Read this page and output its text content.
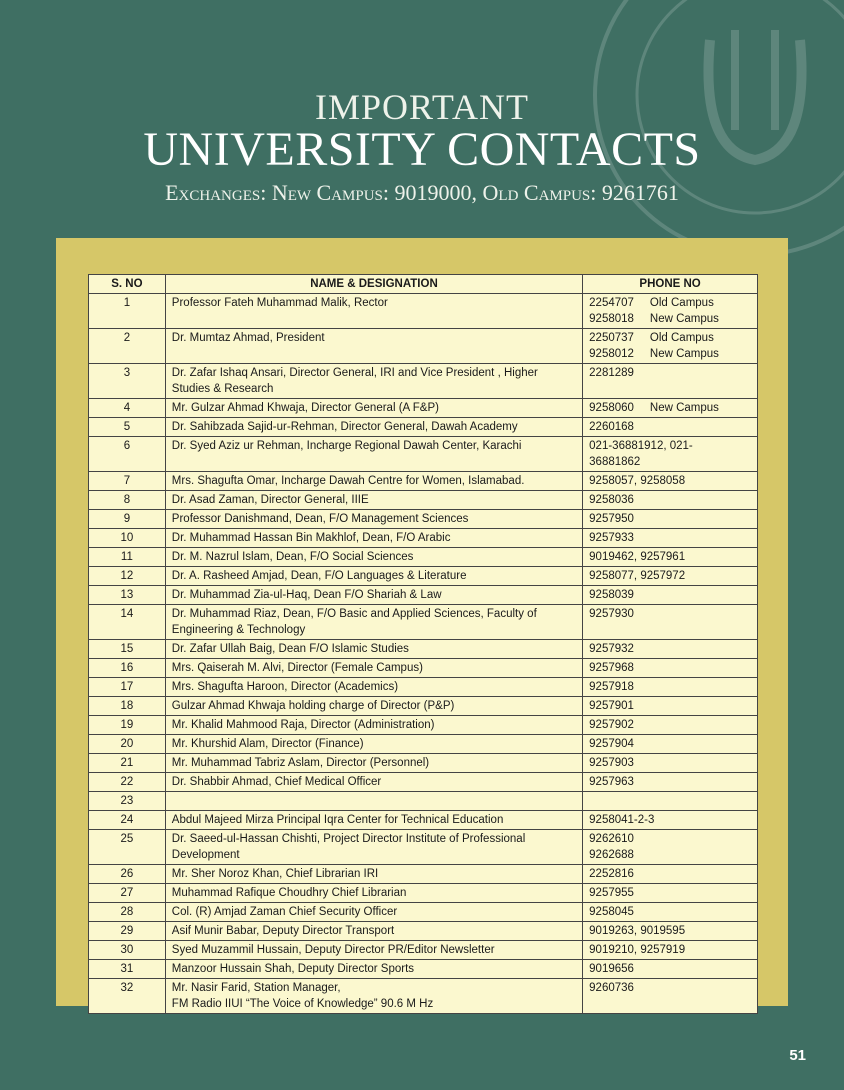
IMPORTANT
UNIVERSITY CONTACTS
Exchanges: New Campus: 9019000, Old Campus: 9261761
S. NO	NAME & DESIGNATION	PHONE NO
1	Professor Fateh Muhammad Malik, Rector	2254707     Old Campus
9258018     New Campus

2	Dr. Mumtaz Ahmad, President	2250737     Old Campus
9258012     New Campus

3	Dr. Zafar Ishaq Ansari, Director General, IRI and Vice President , Higher Studies & Research	2281289

4	Mr. Gulzar Ahmad Khwaja, Director General (A F&P)	9258060     New Campus

5	Dr. Sahibzada Sajid-ur-Rehman, Director General, Dawah Academy	2260168

6	Dr. Syed Aziz ur Rehman, Incharge Regional Dawah Center, Karachi	021-36881912, 021-
36881862

7	Mrs. Shagufta Omar, Incharge Dawah Centre for Women, Islamabad.	9258057, 9258058

8	Dr. Asad Zaman, Director General, IIIE	9258036

9	Professor Danishmand, Dean, F/O Management Sciences	9257950

10	Dr. Muhammad Hassan Bin Makhlof, Dean, F/O Arabic	9257933

11	Dr. M. Nazrul Islam, Dean, F/O Social Sciences	9019462, 9257961

12	Dr. A. Rasheed Amjad, Dean, F/O Languages & Literature	9258077, 9257972

13	Dr. Muhammad Zia-ul-Haq, Dean F/O Shariah & Law	9258039

14	Dr. Muhammad Riaz, Dean, F/O Basic and Applied Sciences, Faculty of Engineering & Technology	9257930

15	Dr. Zafar Ullah Baig, Dean F/O Islamic Studies	9257932

16	Mrs. Qaiserah M. Alvi, Director (Female Campus)	9257968

17	Mrs. Shagufta Haroon, Director (Academics)	9257918

18	Gulzar Ahmad Khwaja holding charge of Director (P&P)	9257901

19	Mr. Khalid Mahmood Raja, Director (Administration)	9257902

20	Mr. Khurshid Alam, Director (Finance)	9257904

21	Mr. Muhammad Tabriz Aslam, Director (Personnel)	9257903

22	Dr. Shabbir Ahmad, Chief Medical Officer	9257963

23		

24	Abdul Majeed Mirza Principal Iqra Center for Technical Education	9258041-2-3

25	Dr. Saeed-ul-Hassan Chishti, Project Director Institute of Professional Development	9262610
9262688

26	Mr. Sher Noroz Khan, Chief Librarian IRI	2252816

27	Muhammad Rafique Choudhry Chief Librarian	9257955

28	Col. (R) Amjad Zaman Chief Security Officer	9258045

29	Asif Munir Babar, Deputy Director Transport	9019263, 9019595

30	Syed Muzammil Hussain, Deputy Director PR/Editor Newsletter	9019210, 9257919

31	Manzoor Hussain Shah, Deputy Director Sports	9019656

32	Mr. Nasir Farid, Station Manager,
FM Radio IIUI “The Voice of Knowledge” 90.6 M Hz	9260736
51
